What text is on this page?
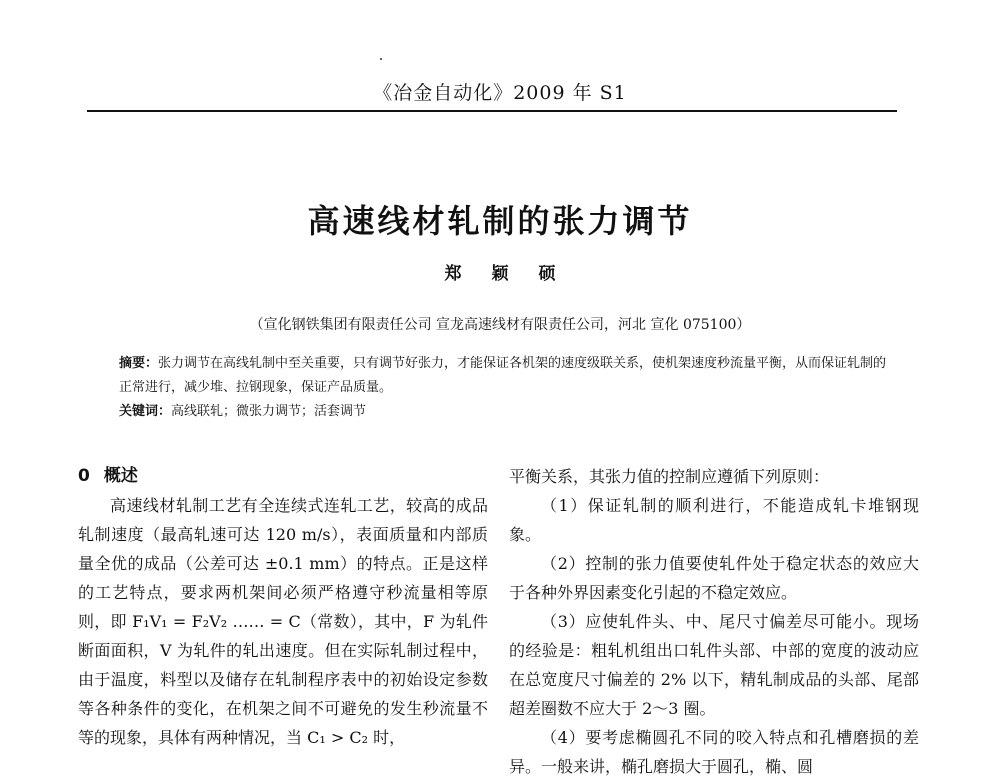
《冶金自动化》2009 年 S1
高速线材轧制的张力调节
郑颖硕
（宣化钢铁集团有限责任公司 宣龙高速线材有限责任公司，河北 宣化 075100）
摘要：张力调节在高线轧制中至关重要，只有调节好张力，才能保证各机架的速度级联关系，使机架速度秒流量平衡，从而保证轧制的正常进行，减少堆、拉钢现象，保证产品质量。
关键词：高线联轧；微张力调节；活套调节

0 概述

高速线材轧制工艺有全连续式连轧工艺，较高的成品轧制速度（最高轧速可达 120 m/s），表面质量和内部质量全优的成品（公差可达 ±0.1 mm）的特点。正是这样的工艺特点，要求两机架间必须严格遵守秒流量相等原则，即 F₁V₁ = F₂V₂ …… = C（常数），其中，F 为轧件断面面积，V 为轧件的轧出速度。但在实际轧制过程中，由于温度，料型以及储存在轧制程序表中的初始设定参数等各种条件的变化，在机架之间不可避免的发生秒流量不等的现象，具体有两种情况，当 C₁ > C₂ 时，

平衡关系，其张力值的控制应遵循下列原则：

（1）保证轧制的顺利进行，不能造成轧卡堆钢现象。

（2）控制的张力值要使轧件处于稳定状态的效应大于各种外界因素变化引起的不稳定效应。

（3）应使轧件头、中、尾尺寸偏差尽可能小。现场的经验是：粗轧机组出口轧件头部、中部的宽度的波动应在总宽度尺寸偏差的 2% 以下，精轧制成品的头部、尾部超差圈数不应大于 2～3 圈。

（4）要考虑椭圆孔不同的咬入特点和孔槽磨损的差异。一般来讲，椭孔磨损大于圆孔，椭、圆
